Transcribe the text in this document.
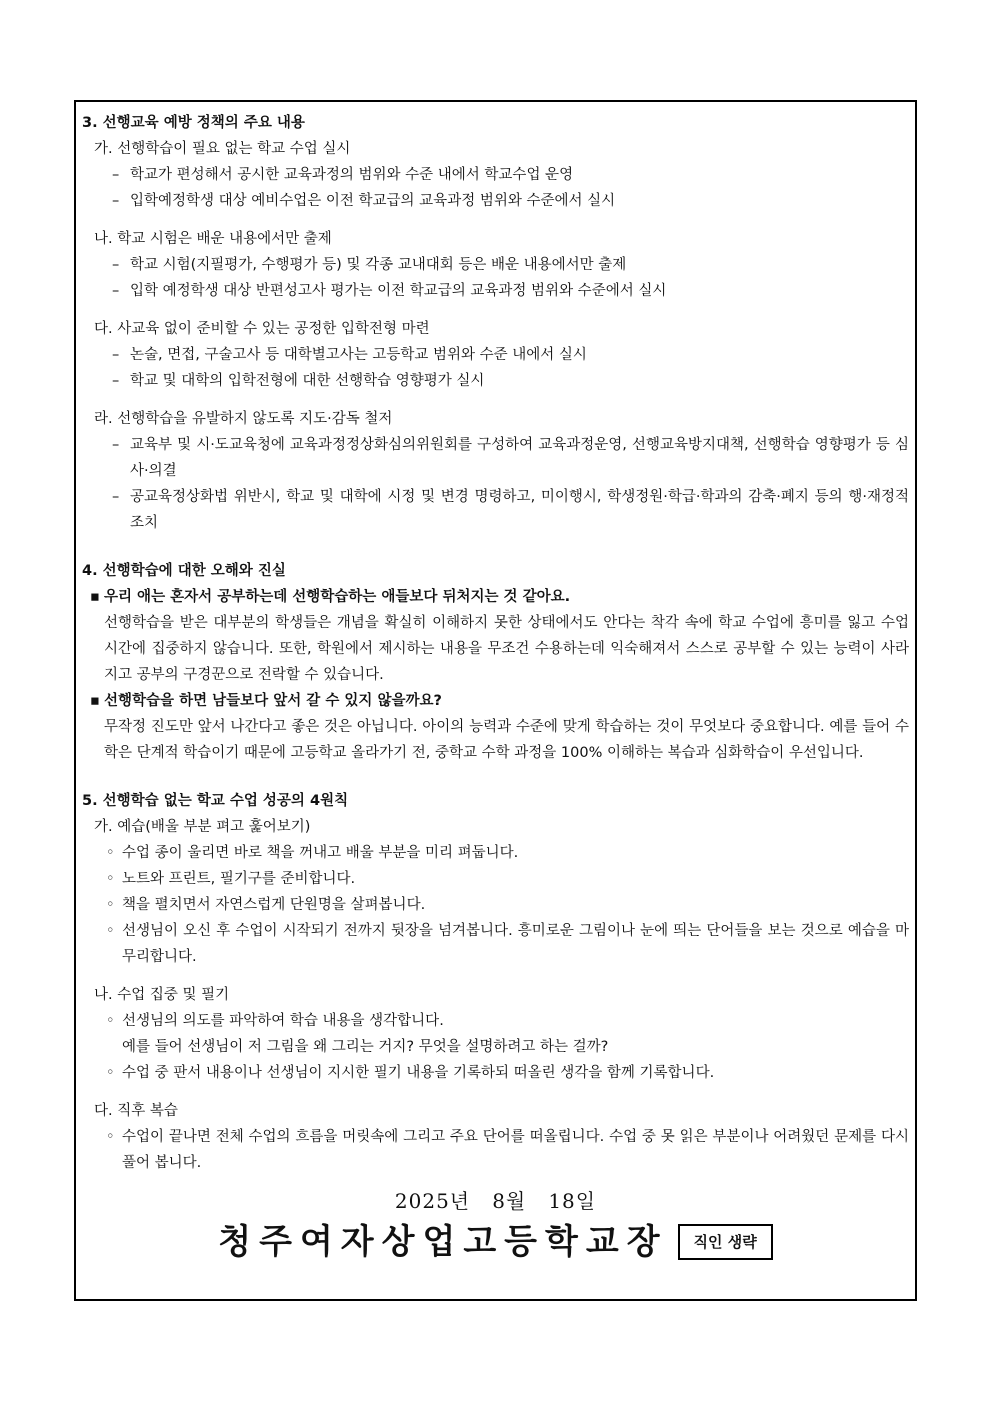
3. 선행교육 예방 정책의 주요 내용

가. 선행학습이 필요 없는 학교 수업 실시

– 학교가 편성해서 공시한 교육과정의 범위와 수준 내에서 학교수업 운영
– 입학예정학생 대상 예비수업은 이전 학교급의 교육과정 범위와 수준에서 실시

나. 학교 시험은 배운 내용에서만 출제

– 학교 시험(지필평가, 수행평가 등) 및 각종 교내대회 등은 배운 내용에서만 출제
– 입학 예정학생 대상 반편성고사 평가는 이전 학교급의 교육과정 범위와 수준에서 실시

다. 사교육 없이 준비할 수 있는 공정한 입학전형 마련

– 논술, 면접, 구술고사 등 대학별고사는 고등학교 범위와 수준 내에서 실시
– 학교 및 대학의 입학전형에 대한 선행학습 영향평가 실시

라. 선행학습을 유발하지 않도록 지도·감독 철저

– 교육부 및 시·도교육청에 교육과정정상화심의위원회를 구성하여 교육과정운영, 선행교육방지대책, 선행학습 영향평가 등 심사·의결
– 공교육정상화법 위반시, 학교 및 대학에 시정 및 변경 명령하고, 미이행시, 학생정원·학급·학과의 감축·폐지 등의 행·재정적 조치

4. 선행학습에 대한 오해와 진실

▪ 우리 애는 혼자서 공부하는데 선행학습하는 애들보다 뒤처지는 것 같아요.

선행학습을 받은 대부분의 학생들은 개념을 확실히 이해하지 못한 상태에서도 안다는 착각 속에 학교 수업에 흥미를 잃고 수업 시간에 집중하지 않습니다. 또한, 학원에서 제시하는 내용을 무조건 수용하는데 익숙해져서 스스로 공부할 수 있는 능력이 사라지고 공부의 구경꾼으로 전락할 수 있습니다.

▪ 선행학습을 하면 남들보다 앞서 갈 수 있지 않을까요?

무작정 진도만 앞서 나간다고 좋은 것은 아닙니다. 아이의 능력과 수준에 맞게 학습하는 것이 무엇보다 중요합니다. 예를 들어 수학은 단계적 학습이기 때문에 고등학교 올라가기 전, 중학교 수학 과정을 100% 이해하는 복습과 심화학습이 우선입니다.

5. 선행학습 없는 학교 수업 성공의 4원칙

가. 예습(배울 부분 펴고 훑어보기)

◦ 수업 종이 울리면 바로 책을 꺼내고 배울 부분을 미리 펴둡니다.
◦ 노트와 프린트, 필기구를 준비합니다.
◦ 책을 펼치면서 자연스럽게 단원명을 살펴봅니다.
◦ 선생님이 오신 후 수업이 시작되기 전까지 뒷장을 넘겨봅니다. 흥미로운 그림이나 눈에 띄는 단어들을 보는 것으로 예습을 마무리합니다.

나. 수업 집중 및 필기

◦ 선생님의 의도를 파악하여 학습 내용을 생각합니다.

예를 들어 선생님이 저 그림을 왜 그리는 거지? 무엇을 설명하려고 하는 걸까?

◦ 수업 중 판서 내용이나 선생님이 지시한 필기 내용을 기록하되 떠올린 생각을 함께 기록합니다.

다. 직후 복습

◦ 수업이 끝나면 전체 수업의 흐름을 머릿속에 그리고 주요 단어를 떠올립니다. 수업 중 못 읽은 부분이나 어려웠던 문제를 다시 풀어 봅니다.
2025년   8월   18일
청주여자상업고등학교장	직인 생략
